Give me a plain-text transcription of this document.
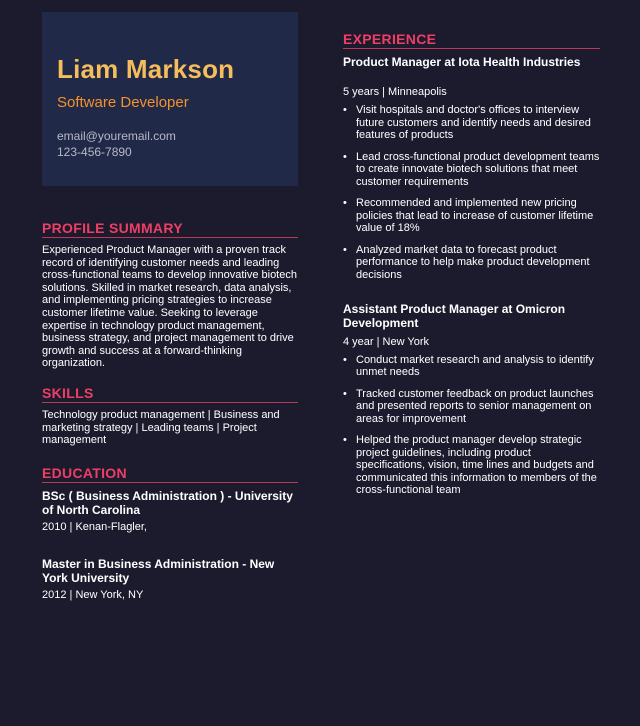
Liam Markson
Software Developer
email@youremail.com
123-456-7890
PROFILE SUMMARY
Experienced Product Manager with a proven track record of identifying customer needs and leading cross-functional teams to develop innovative biotech solutions. Skilled in market research, data analysis, and implementing pricing strategies to increase customer lifetime value. Seeking to leverage expertise in technology product management, business strategy, and project management to drive growth and success at a forward-thinking organization.
SKILLS
Technology product management | Business and marketing strategy | Leading teams | Project management
EDUCATION
BSc ( Business Administration ) - University of North Carolina
2010 | Kenan-Flagler,
Master in Business Administration - New York University
2012 | New York, NY
EXPERIENCE
Product Manager at Iota Health Industries
5 years | Minneapolis
• Visit hospitals and doctor's offices to interview future customers and identify needs and desired features of products
• Lead cross-functional product development teams to create innovate biotech solutions that meet customer requirements
• Recommended and implemented new pricing policies that lead to increase of customer lifetime value of 18%
• Analyzed market data to forecast product performance to help make product development decisions
Assistant Product Manager at Omicron Development
4 year | New York
• Conduct market research and analysis to identify unmet needs
• Tracked customer feedback on product launches and presented reports to senior management on areas for improvement
• Helped the product manager develop strategic project guidelines, including product specifications, vision, time lines and budgets and communicated this information to members of the cross-functional team
